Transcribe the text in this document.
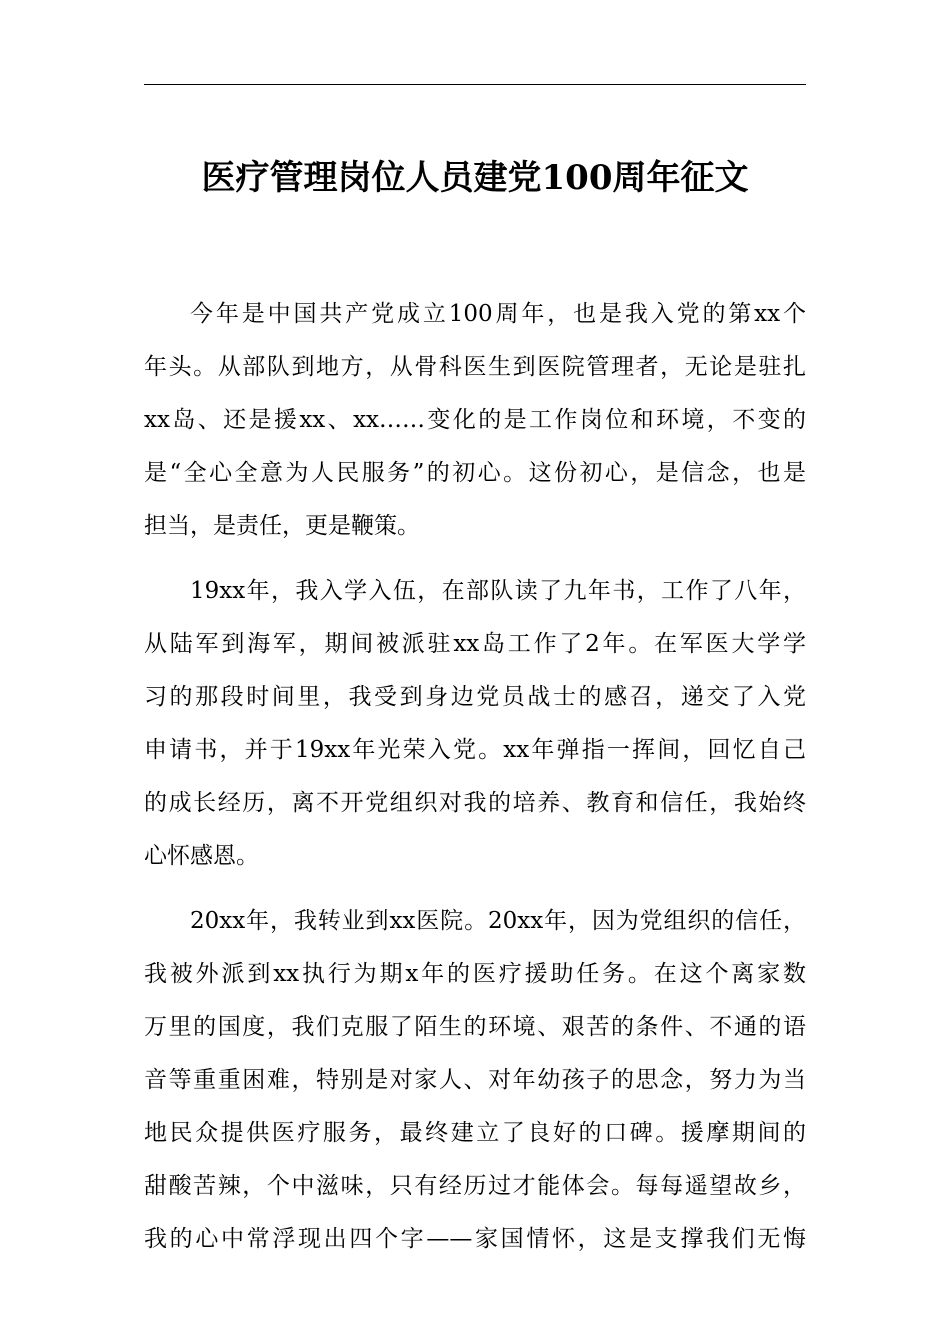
医疗管理岗位人员建党100周年征文
今年是中国共产党成立100周年，也是我入党的第xx个
年头。从部队到地方，从骨科医生到医院管理者，无论是驻扎
xx岛、还是援xx、xx……变化的是工作岗位和环境，不变的
是“全心全意为人民服务”的初心。这份初心，是信念，也是
担当，是责任，更是鞭策。
19xx年，我入学入伍，在部队读了九年书，工作了八年，
从陆军到海军，期间被派驻xx岛工作了2年。在军医大学学
习的那段时间里，我受到身边党员战士的感召，递交了入党
申请书，并于19xx年光荣入党。xx年弹指一挥间，回忆自己
的成长经历，离不开党组织对我的培养、教育和信任，我始终
心怀感恩。
20xx年，我转业到xx医院。20xx年，因为党组织的信任，
我被外派到xx执行为期x年的医疗援助任务。在这个离家数
万里的国度，我们克服了陌生的环境、艰苦的条件、不通的语
音等重重困难，特别是对家人、对年幼孩子的思念，努力为当
地民众提供医疗服务，最终建立了良好的口碑。援摩期间的
甜酸苦辣，个中滋味，只有经历过才能体会。每每遥望故乡，
我的心中常浮现出四个字——家国情怀，这是支撑我们无悔
